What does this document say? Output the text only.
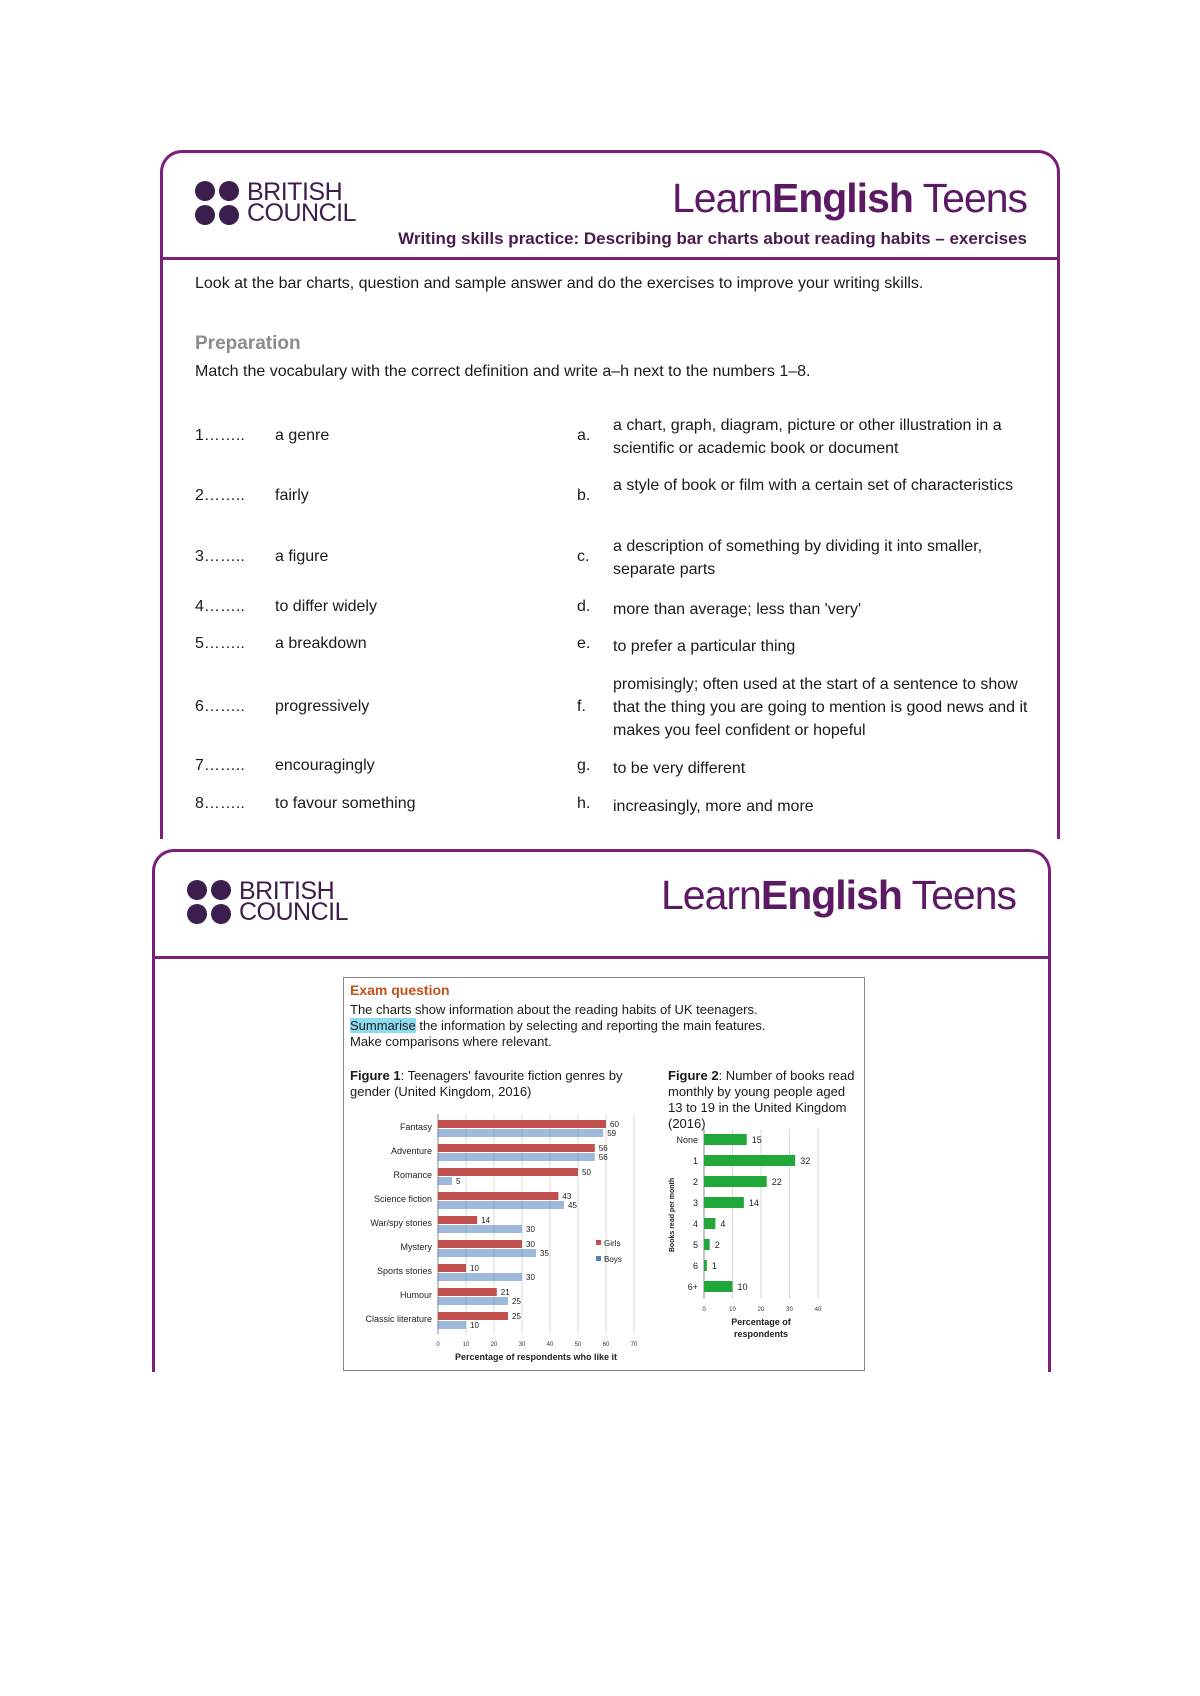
BRITISH
COUNCIL	LearnEnglish Teens
Writing skills practice: Describing bar charts about reading habits – exercises
Look at the bar charts, question and sample answer and do the exercises to improve your writing skills.
Preparation
Match the vocabulary with the correct definition and write a–h next to the numbers 1–8.
1…….. a genre	a.
a chart, graph, diagram, picture or other illustration in a scientific or academic book or document
2…….. fairly	b.
a style of book or film with a certain set of characteristics
3…….. a figure	c.
a description of something by dividing it into smaller, separate parts
4…….. to differ widely	d. more than average; less than 'very'
5…….. a breakdown	e. to prefer a particular thing
6…….. progressively	f.
promisingly; often used at the start of a sentence to show that the thing you are going to mention is good news and it makes you feel confident or hopeful
7…….. encouragingly	g. to be very different
8…….. to favour something	h. increasingly, more and more
BRITISH
COUNCIL	LearnEnglish Teens
Exam question
The charts show information about the reading habits of UK teenagers.
Summarise the information by selecting and reporting the main features.
Make comparisons where relevant.
Figure 1: Teenagers' favourite fiction genres by gender (United Kingdom, 2016)
Figure 2: Number of books read monthly by young people aged 13 to 19 in the United Kingdom (2016)
0	10	20	30	40	50	60	70
Fantasy	60
59
Adventure	56
56
Romance	50
5
Science fiction	43
45
War/spy stories	14
30
Mystery	30
35
Sports stories	10
30
Humour	21
25
Classic literature	25
10
Girls
Boys
Percentage of respondents who like it
0	10	20	30	40
None	15
1	32
2	22
3	14
4 4
5 2
6 1
6+	10
Books read per month
Percentage of respondents
